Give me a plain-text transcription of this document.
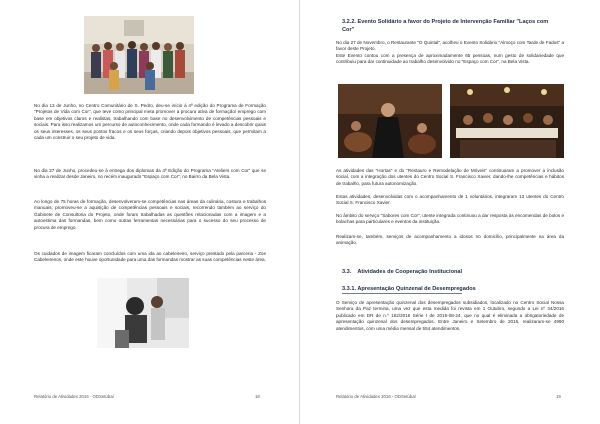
No dia 13 de Junho, no Centro Comunitário de S. Pedro, deu-se início à 4ª edição do Programa de Formação "Projetos de Vida com Cor", que teve como principal meta promover a procura ativa de formação/ emprego com base em objetivos claros e realistas, trabalhando com base no desenvolvimento de competências pessoais e sociais. Para isso realizamos um percurso de autoconhecimento, onde cada formando é levado a descobrir quais os seus interesses, os seus pontos fracos e os seus forças, criando depois objetivos pessoais, que permitam a cada um construir o seu projeto de vida.

No dia 27 de Junho, procedeu-se à entrega dos diplomas da 4ª Edição do Programa "Ateliers com Cor" que se vinha a realizar desde Janeiro, no recém inaugurado "Espaço com Cor", no Bairro da Bela Vista.

Ao longo de 75 horas de formação, desenvolveram-se competências nas áreas da culinária, costura e trabalhos manuais; promoveu-se a aquisição de competências pessoais e sociais, recorrendo também ao serviço do Gabinete de Consultoria do Projeto, onde foram trabalhadas as questões relacionadas com a imagem e a autoestima das formandas, bem como outras ferramentas necessárias para o sucesso do seu processo de procura de emprego.

Os cuidados de imagem ficaram concluídos com uma ida ao cabeleireiro, serviço prestado pela parceria - Zoe Cabeleireiros, onde este houve oportunidade para uma das formandas mostrar as suas competências neste área.

Relatório de Atividades 2016 - ODSetúbal	18
3.2.2. Evento Solidário a favor do Projeto de Intervenção Familiar "Laços com Cor"

No dia 27 de Novembro, o Restaurante "O Quintal", acolheu o Evento Solidário "Almoço com Tarde de Fados" a favor deste Projeto.

Este Evento contou com a presença de aproximadamente 65 pessoas, num gesto de solidariedade que contribuiu para dar continuidade ao trabalho desenvolvido no "Espaço com Cor", na Bela Vista.

As atividades das "Hortas" e do "Restauro e Remodelação de Móveis" continuaram a promover a inclusão social, com a integração dos utentes do Centro Social S. Francisco Xavier, dando-lhe competências e hábitos de trabalho, para futura autonomização.

Estas atividades, desenvolvidas com o acompanhamento de 1 voluntários, integraram 13 utentes do Centro Social S. Francisco Xavier.

No âmbito do serviço "Sabores com Cor", utente integrada continuou a dar resposta às encomendas de bolos e bolachas para particulares e eventos da instituição.

Realizam-se, também, serviços de acompanhamento a idosos no domicílio, principalmente na área da animação.

3.3.    Atividades de Cooperação Institucional
3.3.1. Apresentação Quinzenal de Desempregados

O Serviço de apresentação quinzenal dos desempregados subsidiados, localizado no Centro Social Nossa Senhora da Paz termina, uma vez que esta medida foi revista em 1 Outubro, segundo a Lei nº 34/2016 publicado em DR de n.º 162/2016 Série I de 2016-08-24, que no qual é eliminada a obrigatoriedade de apresentação quinzenal dos desempregados. Entre Janeiro e Setembro de 2016, realizaram-se 4990 atendimentos, com uma média mensal de 554 atendimentos.

Relatório de Atividades 2016 - ODSetúbal	19
